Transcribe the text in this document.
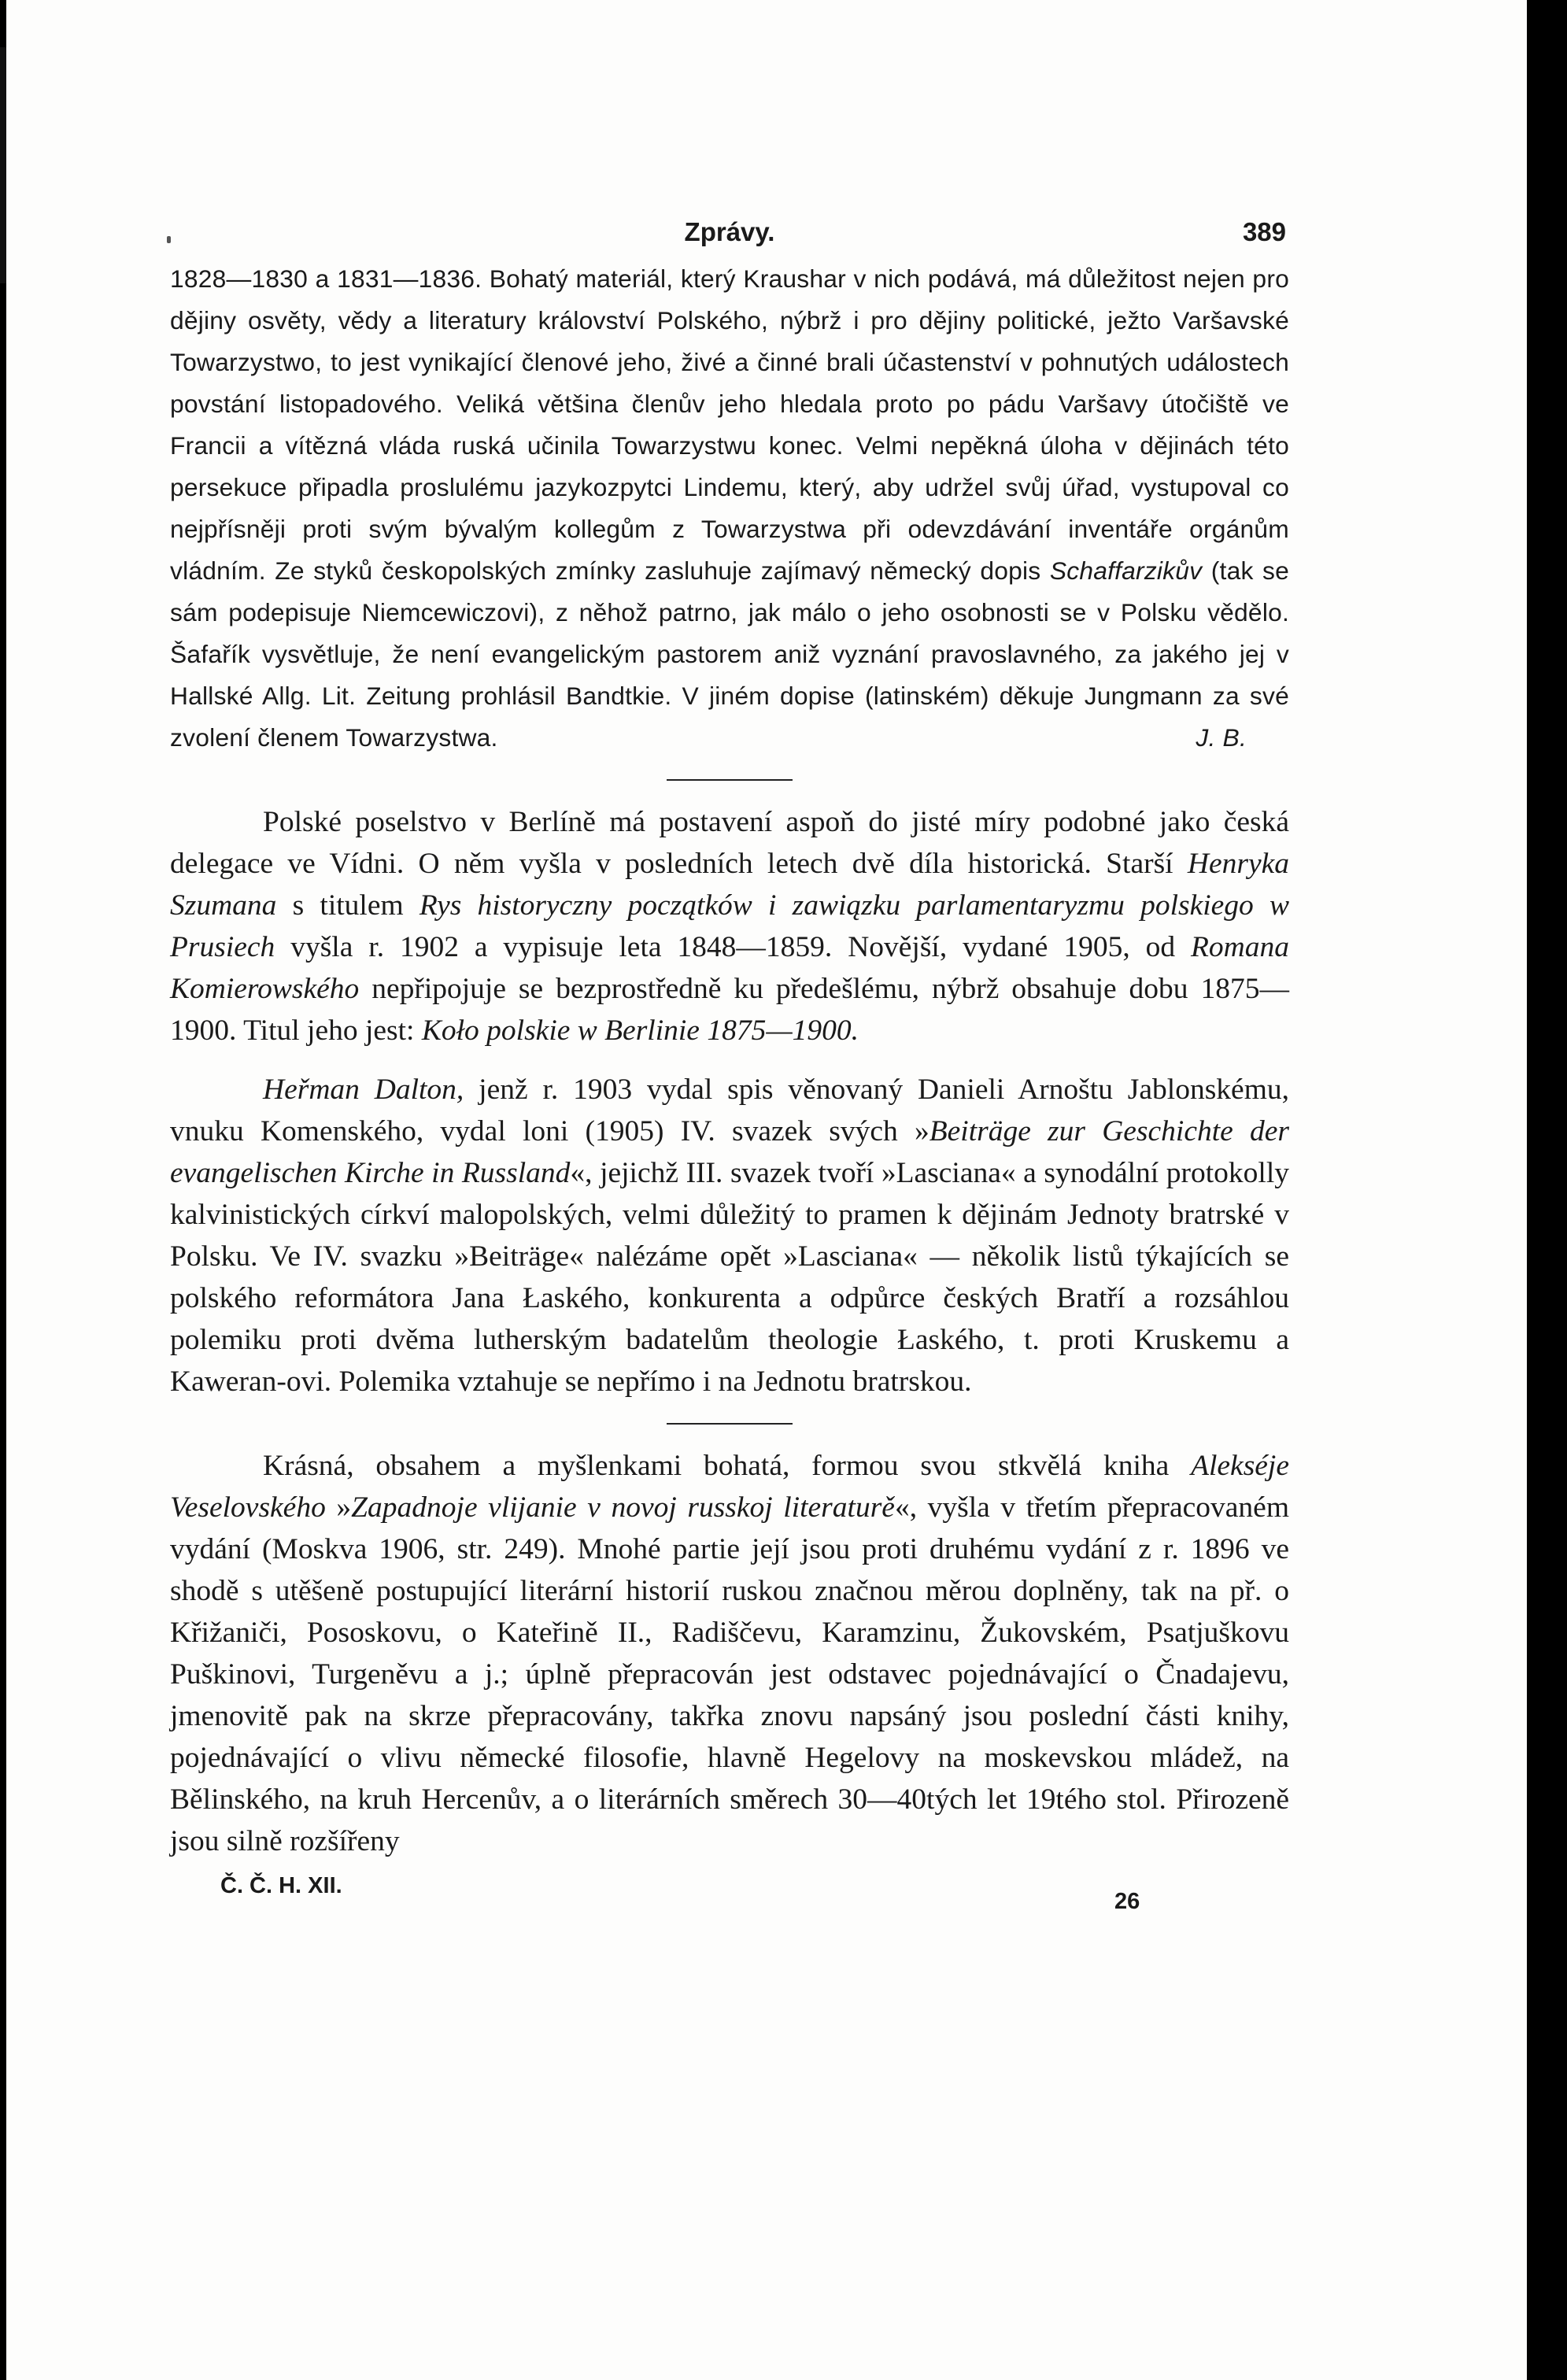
Zprávy.	389

1828—1830 a 1831—1836. Bohatý materiál, který Kraushar v nich podává, má důležitost nejen pro dějiny osvěty, vědy a literatury království Polského, nýbrž i pro dějiny politické, ježto Varšavské Towarzystwo, to jest vynikající členové jeho, živé a činné brali účastenství v pohnutých událostech povstání listopadového. Veliká většina členův jeho hledala proto po pádu Varšavy útočiště ve Francii a vítězná vláda ruská učinila Towarzystwu konec. Velmi nepěkná úloha v dějinách této persekuce připadla proslulému jazykozpytci Lindemu, který, aby udržel svůj úřad, vystupoval co nejpřísněji proti svým bývalým kollegům z Towarzystwa při odevzdávání inventáře orgánům vládním. Ze styků českopolských zmínky zasluhuje zajímavý německý dopis Schaffarzikův (tak se sám podepisuje Niemcewiczovi), z něhož patrno, jak málo o jeho osobnosti se v Polsku vědělo. Šafařík vysvětluje, že není evangelickým pastorem aniž vyznání pravoslavného, za jakého jej v Hallské Allg. Lit. Zeitung prohlásil Bandtkie. V jiném dopise (latinském) děkuje Jungmann za své zvolení členem Towarzystwa.	J. B.

Polské poselstvo v Berlíně má postavení aspoň do jisté míry podobné jako česká delegace ve Vídni. O něm vyšla v posledních letech dvě díla historická. Starší Henryka Szumana s titulem Rys historyczny początków i zawiązku parlamentaryzmu polskiego w Prusiech vyšla r. 1902 a vypisuje leta 1848—1859. Novější, vydané 1905, od Romana Komierowského nepřipojuje se bezprostředně ku předešlému, nýbrž obsahuje dobu 1875—1900. Titul jeho jest: Koło polskie w Berlinie 1875—1900.

Heřman Dalton, jenž r. 1903 vydal spis věnovaný Danieli Arnoštu Jablonskému, vnuku Komenského, vydal loni (1905) IV. svazek svých »Beiträge zur Geschichte der evangelischen Kirche in Russland«, jejichž III. svazek tvoří »Lasciana« a synodální protokolly kalvinistických církví malopolských, velmi důležitý to pramen k dějinám Jednoty bratrské v Polsku. Ve IV. svazku »Beiträge« nalézáme opět »Lasciana« — několik listů týkajících se polského reformátora Jana Łaského, konkurenta a odpůrce českých Bratří a rozsáhlou polemiku proti dvěma lutherským badatelům theologie Łaského, t. proti Kruskemu a Kaweran-ovi. Polemika vztahuje se nepřímo i na Jednotu bratrskou.

Krásná, obsahem a myšlenkami bohatá, formou svou stkvělá kniha Alekséje Veselovského »Zapadnoje vlijanie v novoj russkoj literaturě«, vyšla v třetím přepracovaném vydání (Moskva 1906, str. 249). Mnohé partie její jsou proti druhému vydání z r. 1896 ve shodě s utěšeně postupující literární historií ruskou značnou měrou doplněny, tak na př. o Křižaniči, Pososkovu, o Kateřině II., Radiščevu, Karamzinu, Žukovském, Psatjuškovu Puškinovi, Turgeněvu a j.; úplně přepracován jest odstavec pojednávající o Čnadajevu, jmenovitě pak na skrze přepracovány, takřka znovu napsáný jsou poslední části knihy, pojednávající o vlivu německé filosofie, hlavně Hegelovy na moskevskou mládež, na Bělinského, na kruh Hercenův, a o literárních směrech 30—40tých let 19tého stol. Přirozeně jsou silně rozšířeny

Č. Č. H. XII.
26
